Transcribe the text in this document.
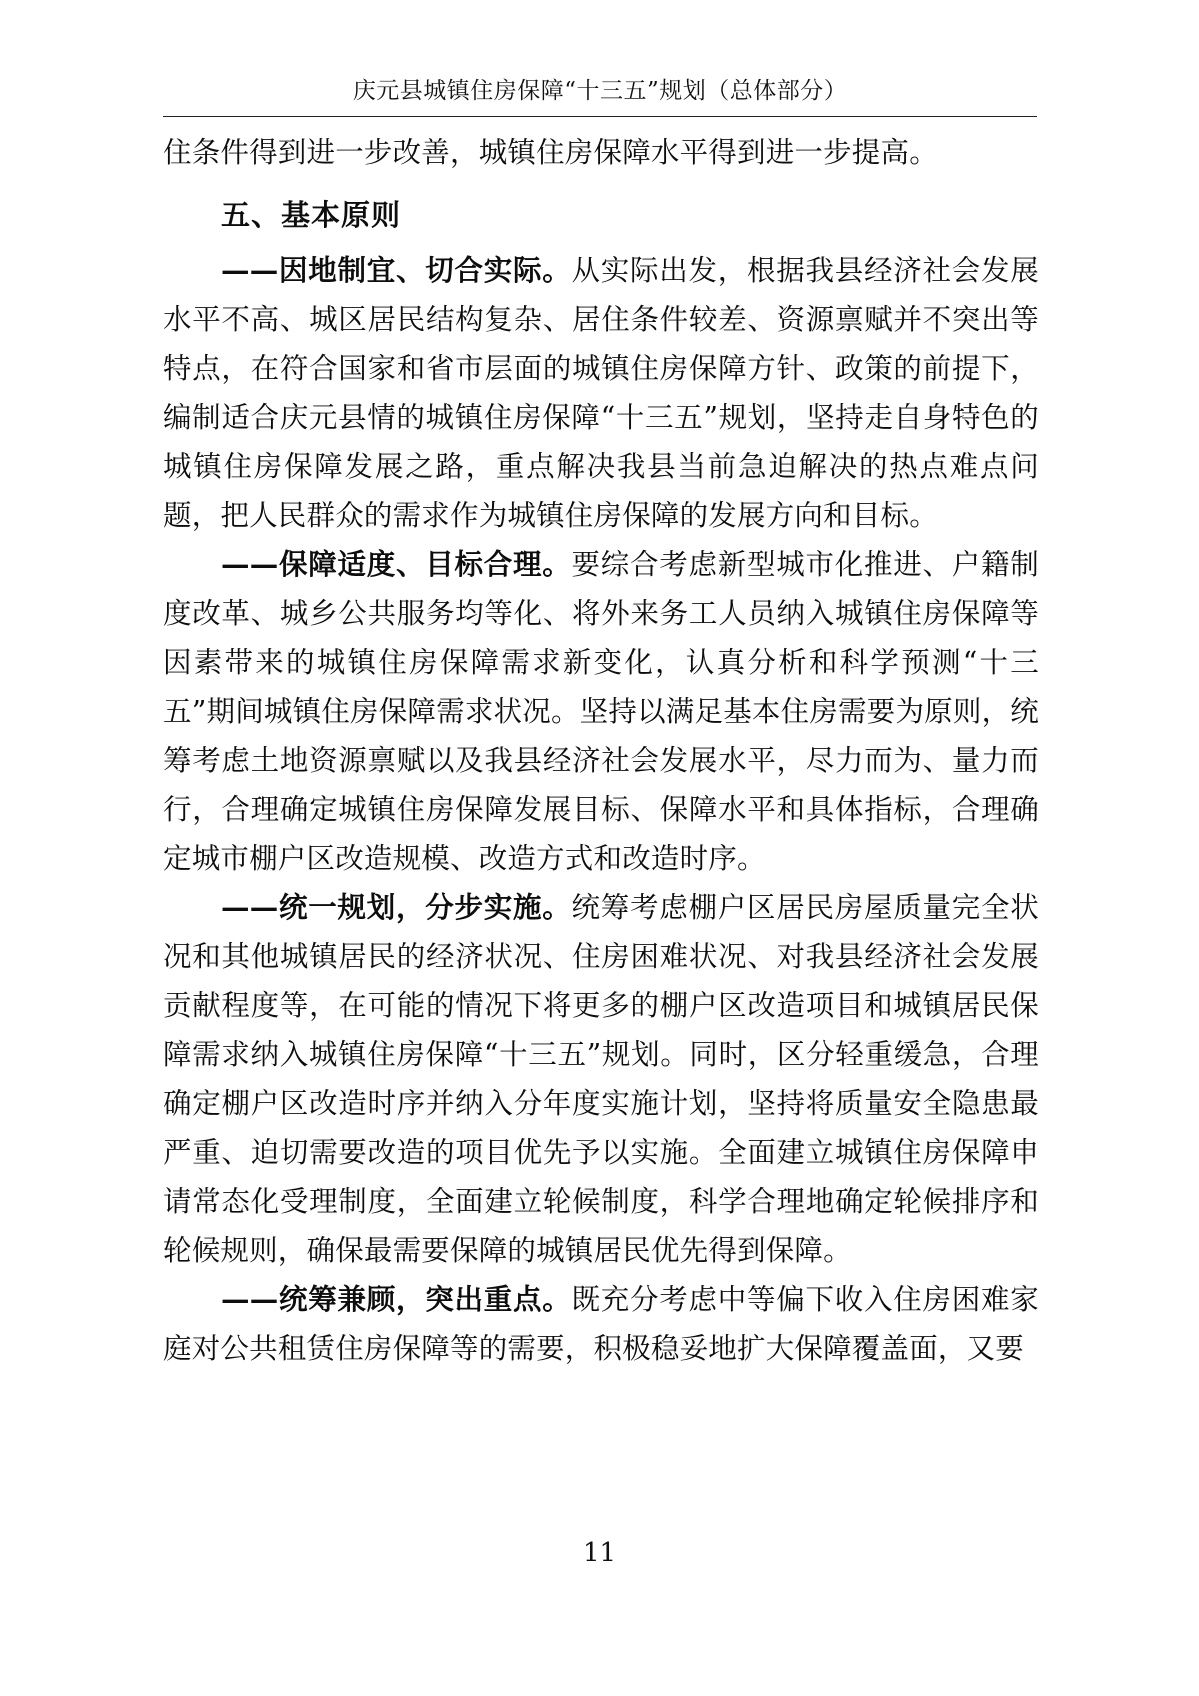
庆元县城镇住房保障“十三五”规划（总体部分）

住条件得到进一步改善，城镇住房保障水平得到进一步提高。

五、基本原则

——因地制宜、切合实际。从实际出发，根据我县经济社会发展水平不高、城区居民结构复杂、居住条件较差、资源禀赋并不突出等特点，在符合国家和省市层面的城镇住房保障方针、政策的前提下，编制适合庆元县情的城镇住房保障“十三五”规划，坚持走自身特色的城镇住房保障发展之路，重点解决我县当前急迫解决的热点难点问题，把人民群众的需求作为城镇住房保障的发展方向和目标。

——保障适度、目标合理。要综合考虑新型城市化推进、户籍制度改革、城乡公共服务均等化、将外来务工人员纳入城镇住房保障等因素带来的城镇住房保障需求新变化，认真分析和科学预测“十三五”期间城镇住房保障需求状况。坚持以满足基本住房需要为原则，统筹考虑土地资源禀赋以及我县经济社会发展水平，尽力而为、量力而行，合理确定城镇住房保障发展目标、保障水平和具体指标，合理确定城市棚户区改造规模、改造方式和改造时序。

——统一规划，分步实施。统筹考虑棚户区居民房屋质量完全状况和其他城镇居民的经济状况、住房困难状况、对我县经济社会发展贡献程度等，在可能的情况下将更多的棚户区改造项目和城镇居民保障需求纳入城镇住房保障“十三五”规划。同时，区分轻重缓急，合理确定棚户区改造时序并纳入分年度实施计划，坚持将质量安全隐患最严重、迫切需要改造的项目优先予以实施。全面建立城镇住房保障申请常态化受理制度，全面建立轮候制度，科学合理地确定轮候排序和轮候规则，确保最需要保障的城镇居民优先得到保障。

——统筹兼顾，突出重点。既充分考虑中等偏下收入住房困难家庭对公共租赁住房保障等的需要，积极稳妥地扩大保障覆盖面，又要

11
